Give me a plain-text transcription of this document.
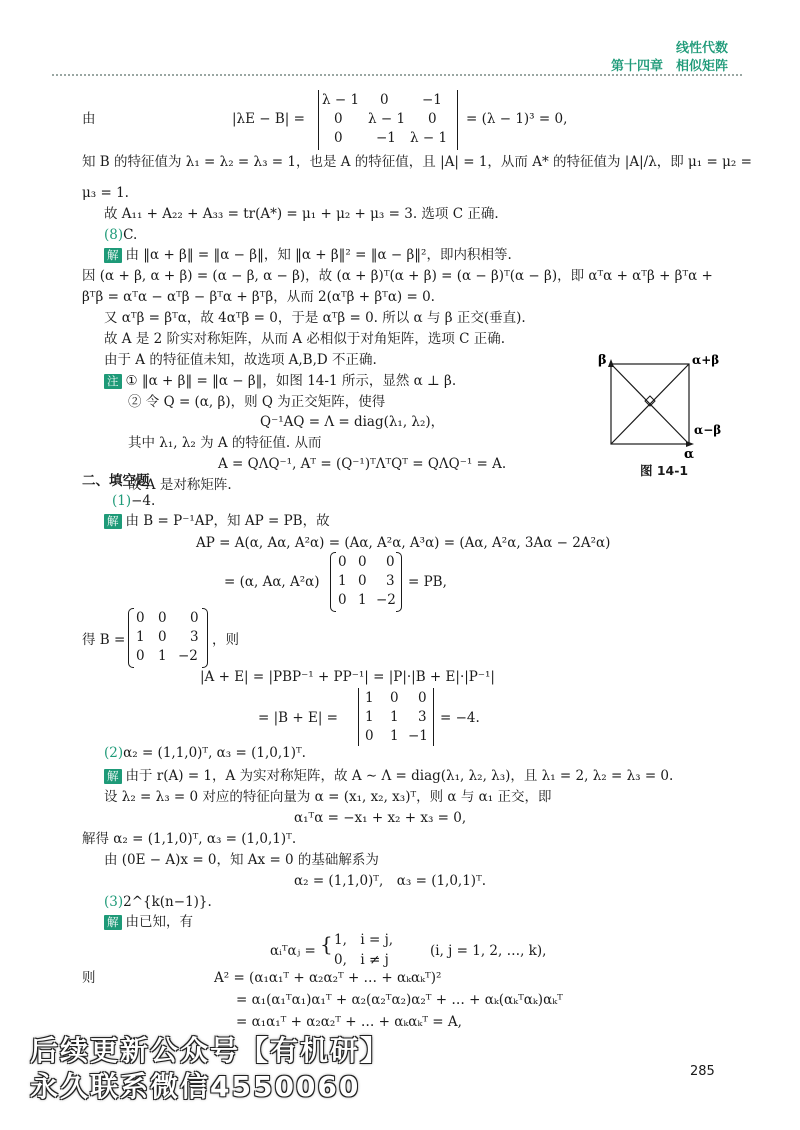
线性代数
第十四章　相似矩阵
由	|λE − B| =	= (λ − 1)³ = 0,
λ − 1 0 −1
0 λ − 1 0
0 −1 λ − 1
知 B 的特征值为 λ₁ = λ₂ = λ₃ = 1，也是 A 的特征值，且 |A| = 1，从而 A* 的特征值为 |A|/λ，即 μ₁ = μ₂ =
μ₃ = 1.
故 A₁₁ + A₂₂ + A₃₃ = tr(A*) = μ₁ + μ₂ + μ₃ = 3. 选项 C 正确.
(8)C.
解 由 ‖α + β‖ = ‖α − β‖，知 ‖α + β‖² = ‖α − β‖²，即内积相等.
因 (α + β, α + β) = (α − β, α − β)，故 (α + β)ᵀ(α + β) = (α − β)ᵀ(α − β)，即 αᵀα + αᵀβ + βᵀα +
βᵀβ = αᵀα − αᵀβ − βᵀα + βᵀβ，从而 2(αᵀβ + βᵀα) = 0.
又 αᵀβ = βᵀα，故 4αᵀβ = 0，于是 αᵀβ = 0. 所以 α 与 β 正交(垂直).
故 A 是 2 阶实对称矩阵，从而 A 必相似于对角矩阵，选项 C 正确.
由于 A 的特征值未知，故选项 A,B,D 不正确.
注 ① ‖α + β‖ = ‖α − β‖，如图 14-1 所示，显然 α ⊥ β.
② 令 Q = (α, β)，则 Q 为正交矩阵，使得
Q⁻¹AQ = Λ = diag(λ₁, λ₂)，
其中 λ₁, λ₂ 为 A 的特征值. 从而
A = QΛQ⁻¹, Aᵀ = (Q⁻¹)ᵀΛᵀQᵀ = QΛQ⁻¹ = A.
故 A 是对称矩阵.
β	α+β
α
α−β
图 14-1
二、填空题
(1)−4.
解 由 B = P⁻¹AP，知 AP = PB，故
AP = A(α, Aα, A²α) = (Aα, A²α, A³α) = (Aα, A²α, 3Aα − 2A²α)
= (α, Aα, A²α)
0 0 0
1 0 3
0 1 −2
= PB,
得 B =
0 0 0
1 0 3
0 1 −2
，则
|A + E| = |PBP⁻¹ + PP⁻¹| = |P|·|B + E|·|P⁻¹|
= |B + E| =
1 0 0
1 1 3
0 1 −1
= −4.
(2)α₂ = (1,1,0)ᵀ, α₃ = (1,0,1)ᵀ.
解 由于 r(A) = 1，A 为实对称矩阵，故 A ∼ Λ = diag(λ₁, λ₂, λ₃)，且 λ₁ = 2, λ₂ = λ₃ = 0.
设 λ₂ = λ₃ = 0 对应的特征向量为 α = (x₁, x₂, x₃)ᵀ，则 α 与 α₁ 正交，即
α₁ᵀα = −x₁ + x₂ + x₃ = 0,
解得 α₂ = (1,1,0)ᵀ, α₃ = (1,0,1)ᵀ.
由 (0E − A)x = 0，知 Ax = 0 的基础解系为
α₂ = (1,1,0)ᵀ,　α₃ = (1,0,1)ᵀ.
(3)2^{k(n−1)}.
解 由已知，有
αᵢᵀαⱼ = { 1,　i = j,
0,　i ≠ j
(i, j = 1, 2, …, k),
则	A² = (α₁α₁ᵀ + α₂α₂ᵀ + … + αₖαₖᵀ)²
= α₁(α₁ᵀα₁)α₁ᵀ + α₂(α₂ᵀα₂)α₂ᵀ + … + αₖ(αₖᵀαₖ)αₖᵀ
= α₁α₁ᵀ + α₂α₂ᵀ + … + αₖαₖᵀ = A,
后续更新公众号【有机研】
永久联系微信4550060	285
